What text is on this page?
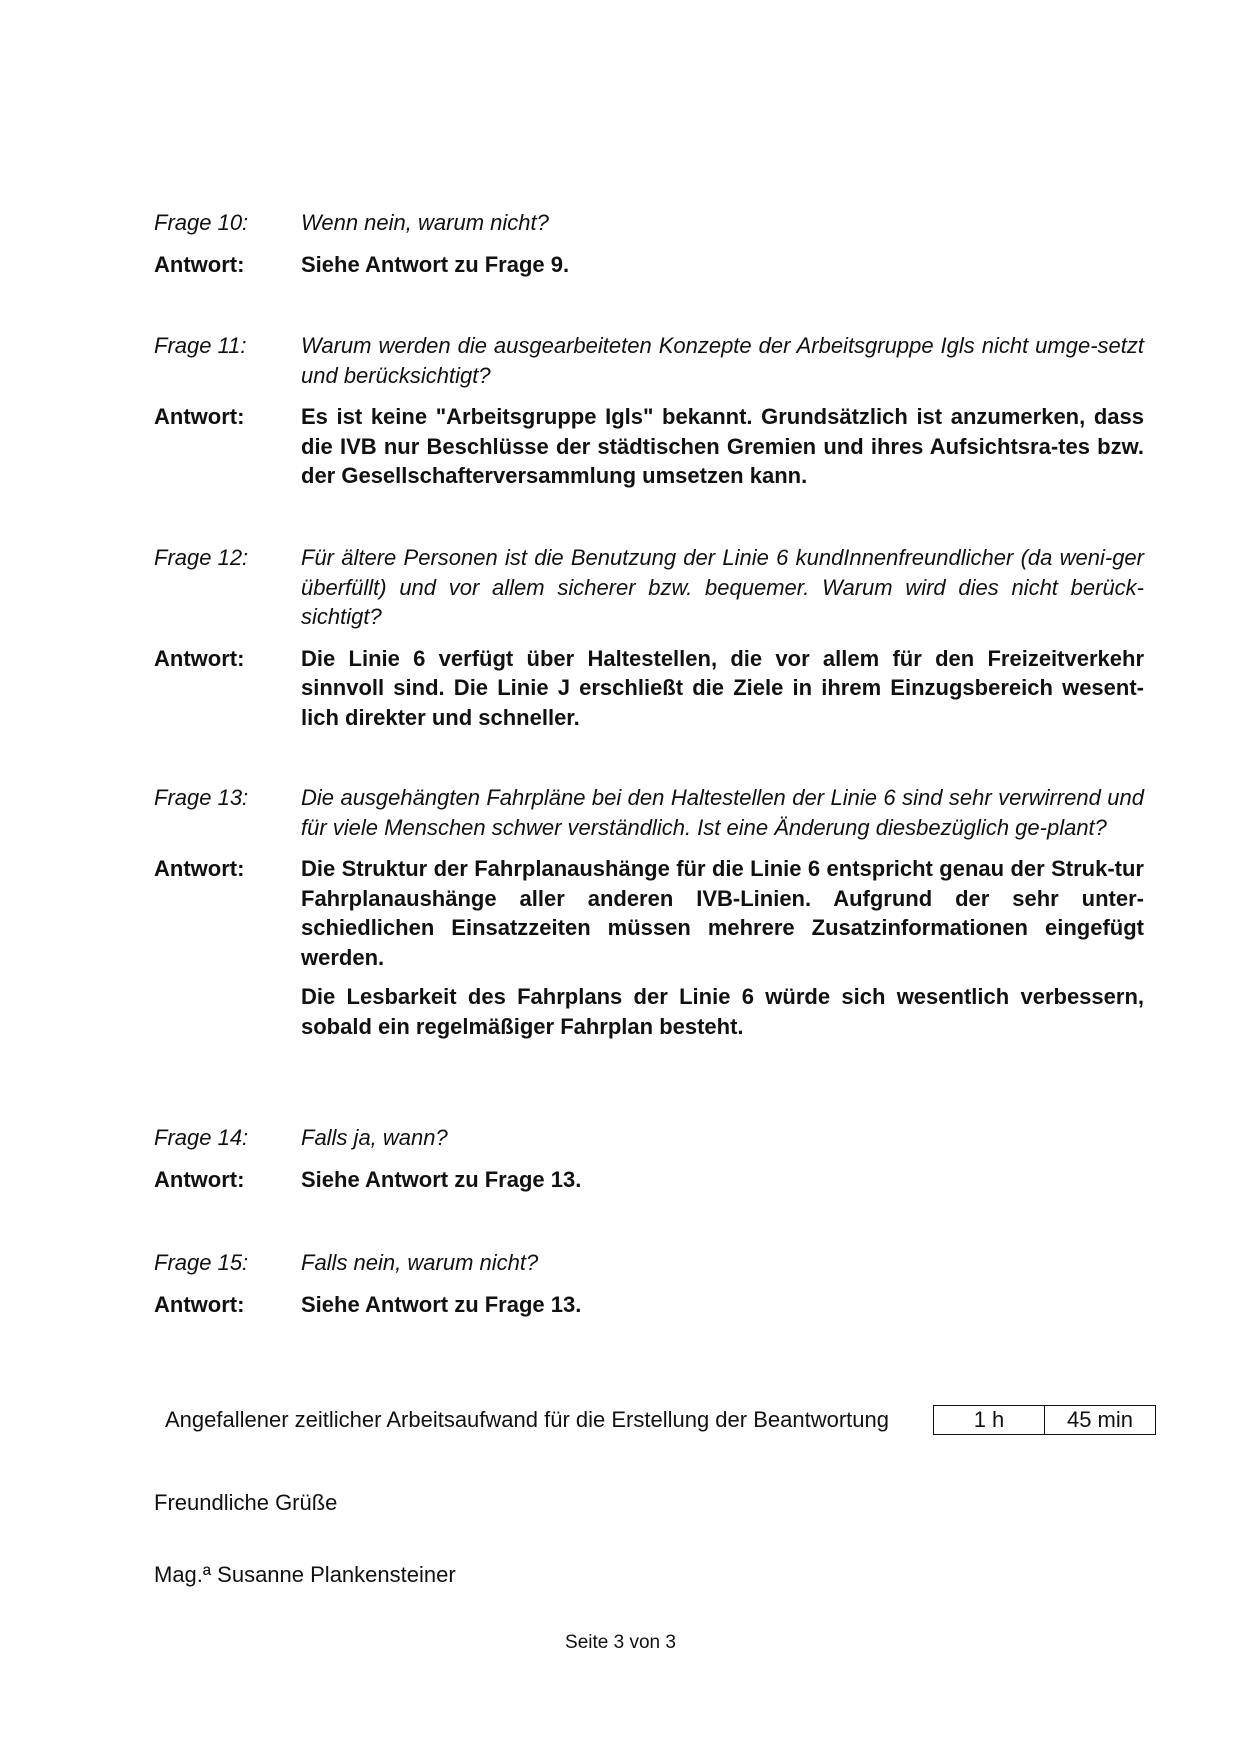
Frage 10:	Wenn nein, warum nicht?
Antwort:	Siehe Antwort zu Frage 9.
Frage 11:	Warum werden die ausgearbeiteten Konzepte der Arbeitsgruppe Igls nicht umge-setzt und berücksichtigt?
Antwort:	Es ist keine "Arbeitsgruppe Igls" bekannt. Grundsätzlich ist anzumerken, dass die IVB nur Beschlüsse der städtischen Gremien und ihres Aufsichtsra-tes bzw. der Gesellschafterversammlung umsetzen kann.
Frage 12:	Für ältere Personen ist die Benutzung der Linie 6 kundInnenfreundlicher (da weni-ger überfüllt) und vor allem sicherer bzw. bequemer. Warum wird dies nicht berück-sichtigt?
Antwort:	Die Linie 6 verfügt über Haltestellen, die vor allem für den Freizeitverkehr sinnvoll sind. Die Linie J erschließt die Ziele in ihrem Einzugsbereich wesent-lich direkter und schneller.
Frage 13:	Die ausgehängten Fahrpläne bei den Haltestellen der Linie 6 sind sehr verwirrend und für viele Menschen schwer verständlich. Ist eine Änderung diesbezüglich ge-plant?
Antwort:	Die Struktur der Fahrplanaushänge für die Linie 6 entspricht genau der Struk-tur Fahrplanaushänge aller anderen IVB-Linien. Aufgrund der sehr unter-schiedlichen Einsatzzeiten müssen mehrere Zusatzinformationen eingefügt werden.
Die Lesbarkeit des Fahrplans der Linie 6 würde sich wesentlich verbessern, sobald ein regelmäßiger Fahrplan besteht.
Frage 14:	Falls ja, wann?
Antwort:	Siehe Antwort zu Frage 13.
Frage 15:	Falls nein, warum nicht?
Antwort:	Siehe Antwort zu Frage 13.
Angefallener zeitlicher Arbeitsaufwand für die Erstellung der Beantwortung	1 h	45 min
Freundliche Grüße
Mag.ª Susanne Plankensteiner
Seite 3 von 3
